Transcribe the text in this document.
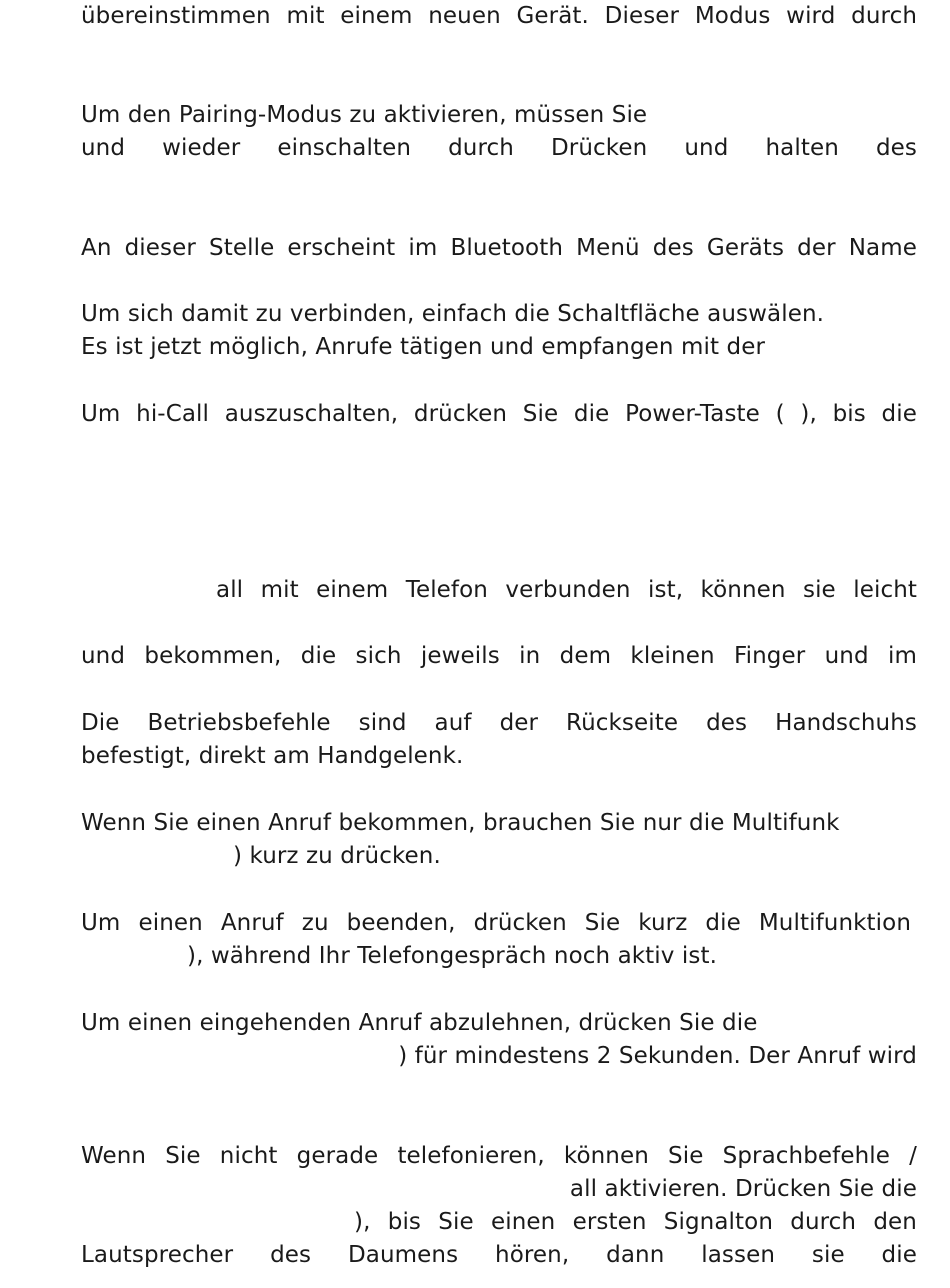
übereinstimmen mit einem neuen Gerät. Dieser Modus wird durch
Um den Pairing-Modus zu aktivieren, müssen Sie
und wieder einschalten durch Drücken und halten des
An dieser Stelle erscheint im Bluetooth Menü des Geräts der Name
Um sich damit zu verbinden, einfach die Schaltfläche auswälen.
Es ist jetzt möglich, Anrufe tätigen und empfangen mit der
Um hi-Call auszuschalten, drücken Sie die Power-Taste ( ), bis die
all mit einem Telefon verbunden ist, können sie leicht
und bekommen, die sich jeweils in dem kleinen Finger und im
Die Betriebsbefehle sind auf der Rückseite des Handschuhs
befestigt, direkt am Handgelenk.
Wenn Sie einen Anruf bekommen, brauchen Sie nur die Multifunk
) kurz zu drücken.
Um einen Anruf zu beenden, drücken Sie kurz die Multifunktion
), während Ihr Telefongespräch noch aktiv ist.
Um einen eingehenden Anruf abzulehnen, drücken Sie die
) für mindestens 2 Sekunden. Der Anruf wird
Wenn Sie nicht gerade telefonieren, können Sie Sprachbefehle /
all aktivieren. Drücken Sie die
), bis Sie einen ersten Signalton durch den
Lautsprecher des Daumens hören, dann lassen sie die
